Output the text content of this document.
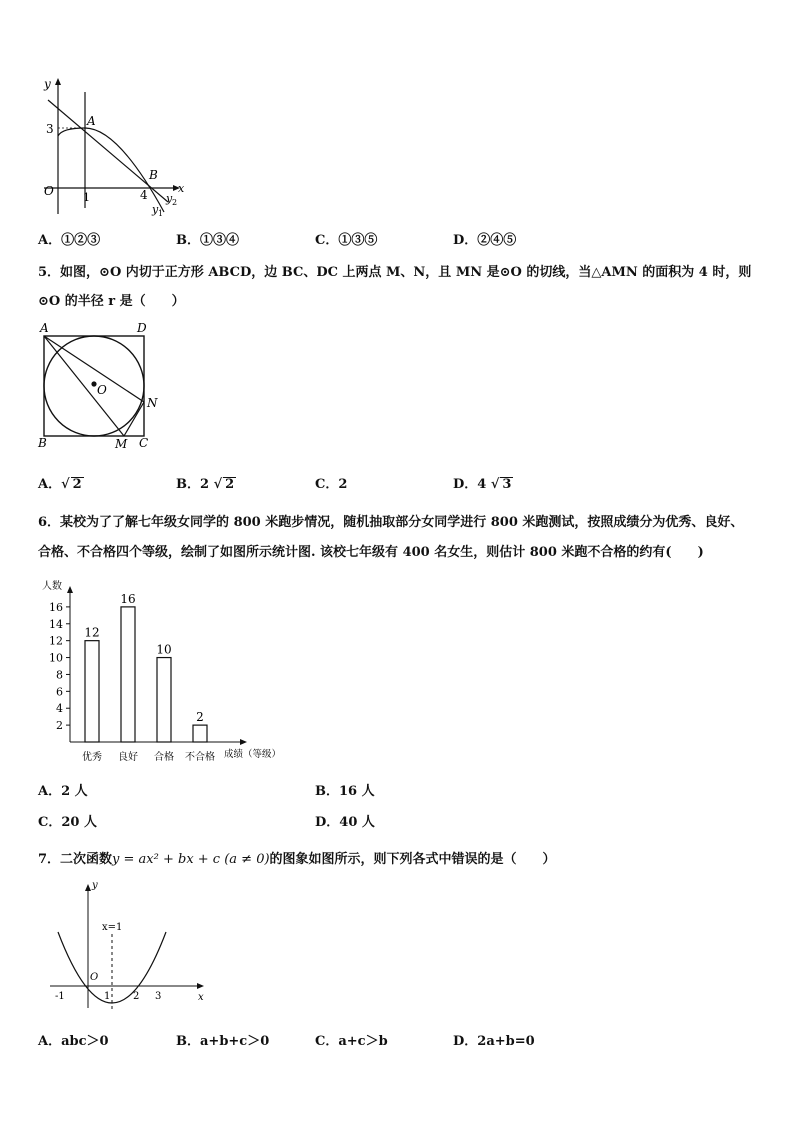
y
x
O
3
A
1	4
B
y 2
y 1
A．①②③	B．①③④	C．①③⑤	D．②④⑤
5．如图，⊙O 内切于正方形 ABCD，边 BC、DC 上两点 M、N，且 MN 是⊙O 的切线，当△AMN 的面积为 4 时，则
⊙O 的半径 r 是（　　）
A	D
O
N
B	M C
A．√ 2	B．2 √ 2	C．2	D．4 √ 3
6．某校为了了解七年级女同学的 800 米跑步情况，随机抽取部分女同学进行 800 米跑测试，按照成绩分为优秀、良好、
合格、不合格四个等级，绘制了如图所示统计图. 该校七年级有 400 名女生，则估计 800 米跑不合格的约有(　　)
人数
成绩（等级）
2
4
6
8
10
12
14
16
12
优秀
16
良好
10
合格
2
不合格
A．2 人	B．16 人
C．20 人	D．40 人
7．二次函数y = ax² + bx + c (a ≠ 0)的图象如图所示，则下列各式中错误的是（　　）
y
x
x=1
O
-1	1 2 3
A．abc＞0	B．a+b+c＞0	C．a+c＞b	D．2a+b=0
